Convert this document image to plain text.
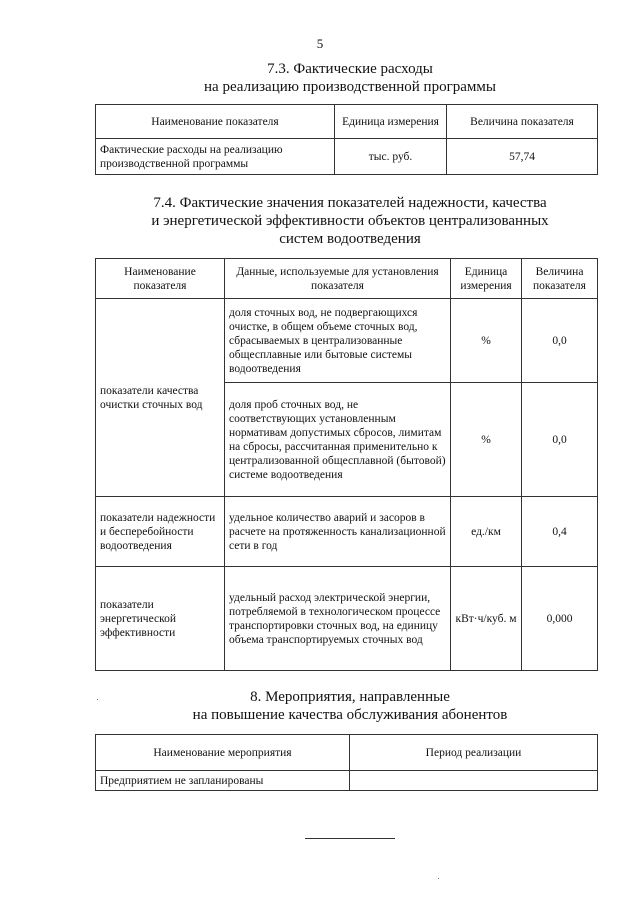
5
7.3. Фактические расходы
на реализацию производственной программы
Наименование показателя	Единица измерения	Величина показателя
Фактические расходы на реализацию производственной программы	тыс. руб.	57,74
7.4. Фактические значения показателей надежности, качества
и энергетической эффективности объектов централизованных
систем водоотведения
Наименование показателя	Данные, используемые для установления показателя	Единица измерения	Величина показателя
показатели качества очистки сточных вод	доля сточных вод, не подвергающихся очистке, в общем объеме сточных вод, сбрасываемых в централизованные общесплавные или бытовые системы водоотведения	%	0,0
	доля проб сточных вод, не соответствующих установленным нормативам допустимых сбросов, лимитам на сбросы, рассчитанная применительно к централизованной общесплавной (бытовой) системе водоотведения	%	0,0
показатели надежности и бесперебойности водоотведения	удельное количество аварий и засоров в расчете на протяженность канализационной сети в год	ед./км	0,4
показатели энергетической эффективности	удельный расход электрической энергии, потребляемой в технологическом процессе транспортировки сточных вод, на единицу объема транспортируемых сточных вод	кВт·ч/куб. м	0,000
8. Мероприятия, направленные
на повышение качества обслуживания абонентов
Наименование мероприятия	Период реализации
Предприятием не запланированы	
